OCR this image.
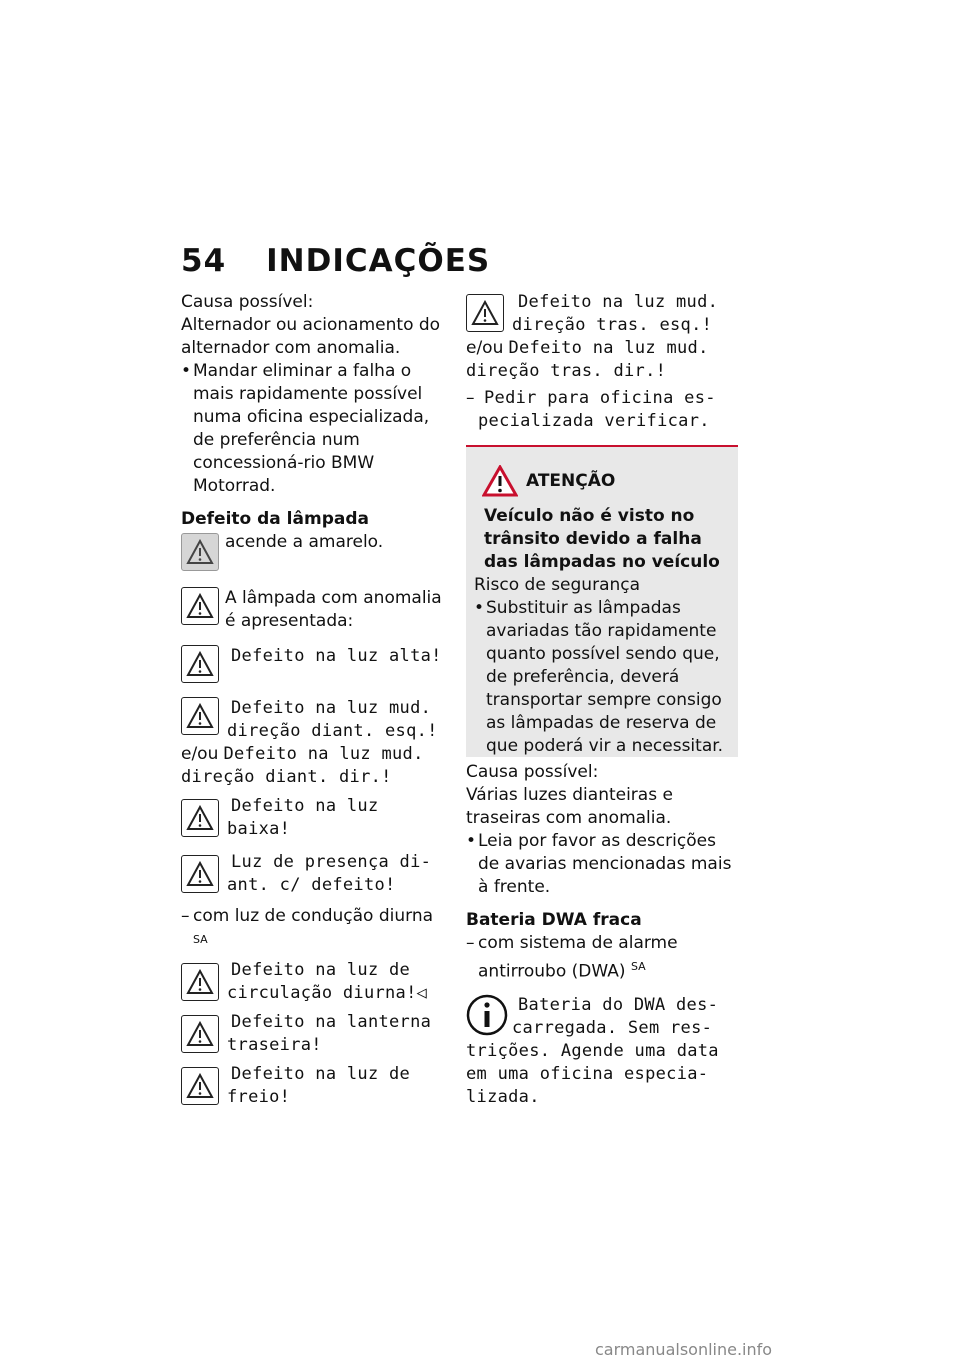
54 INDICAÇÕES
Causa possível:
Alternador ou acionamento do alternador com anomalia.
• Mandar eliminar a falha o mais rapidamente possível numa oficina especializada, de preferência num concessioná-rio BMW Motorrad.
Defeito da lâmpada
acende a amarelo.
A lâmpada com anomalia é apresentada:
Defeito na luz alta!
Defeito na luz mud.
direção diant. esq.!
e/ou Defeito na luz mud.
direção diant. dir.!
Defeito na luz
baixa!
Luz de presença di-
ant. c/ defeito!
– com luz de condução diurna $^{SA}$
Defeito na luz de
circulação diurna!◁
Defeito na lanterna
traseira!
Defeito na luz de
freio!
Defeito na luz mud.
direção tras. esq.!
e/ou Defeito na luz mud.
direção tras. dir.!
– Pedir para oficina es-
pecializada verificar.
ATENÇÃO
Veículo não é visto no trânsito devido a falha das lâmpadas no veículo
Risco de segurança
• Substituir as lâmpadas avariadas tão rapidamente quanto possível sendo que, de preferência, deverá transportar sempre consigo as lâmpadas de reserva de que poderá vir a necessitar.
Causa possível:
Várias luzes dianteiras e traseiras com anomalia.
• Leia por favor as descrições de avarias mencionadas mais à frente.
Bateria DWA fraca
– com sistema de alarme antirroubo (DWA) $^{SA}$
Bateria do DWA des-
carregada. Sem res-
trições. Agende uma data
em uma oficina especia-
lizada.
carmanualsonline.info
